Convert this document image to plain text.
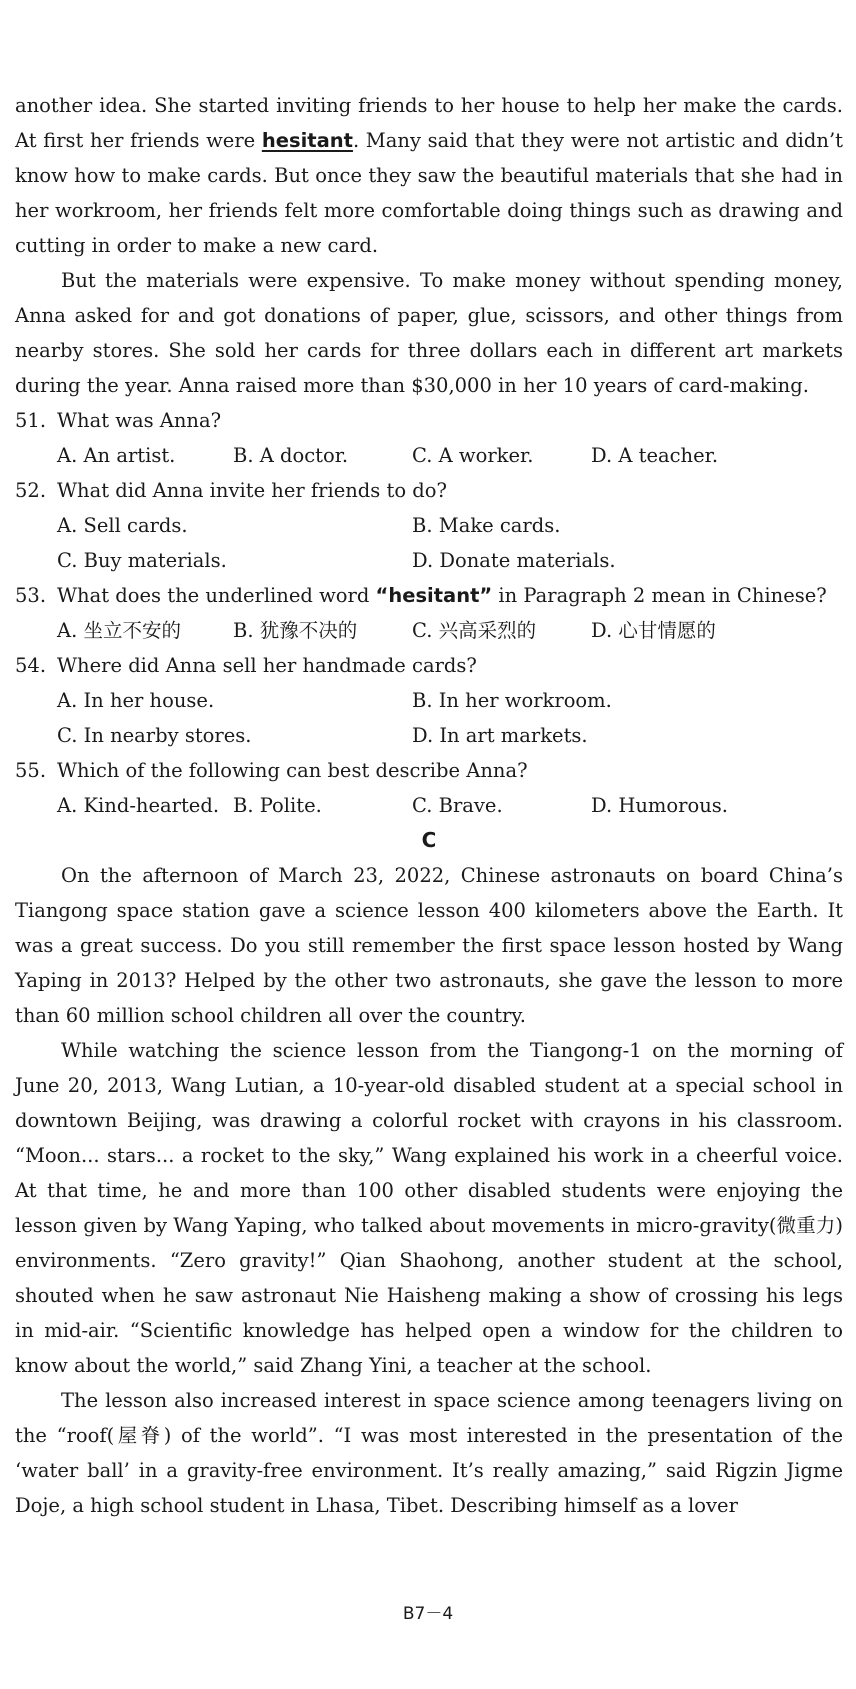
another idea. She started inviting friends to her house to help her make the cards. At first her friends were hesitant. Many said that they were not artistic and didn’t know how to make cards. But once they saw the beautiful materials that she had in her workroom, her friends felt more comfortable doing things such as drawing and cutting in order to make a new card.

But the materials were expensive. To make money without spending money, Anna asked for and got donations of paper, glue, scissors, and other things from nearby stores. She sold her cards for three dollars each in different art markets during the year. Anna raised more than $30,000 in her 10 years of card-making.

51. What was Anna?
A. An artist.	B. A doctor.	C. A worker.	D. A teacher.
52. What did Anna invite her friends to do?
A. Sell cards.	B. Make cards.
C. Buy materials.	D. Donate materials.
53. What does the underlined word “hesitant” in Paragraph 2 mean in Chinese?
A. 坐立不安的	B. 犹豫不决的	C. 兴高采烈的	D. 心甘情愿的
54. Where did Anna sell her handmade cards?
A. In her house.	B. In her workroom.
C. In nearby stores.	D. In art markets.
55. Which of the following can best describe Anna?
A. Kind-hearted. B. Polite.	C. Brave.	D. Humorous.
C

On the afternoon of March 23, 2022, Chinese astronauts on board China’s Tiangong space station gave a science lesson 400 kilometers above the Earth. It was a great success. Do you still remember the first space lesson hosted by Wang Yaping in 2013? Helped by the other two astronauts, she gave the lesson to more than 60 million school children all over the country.

While watching the science lesson from the Tiangong-1 on the morning of June 20, 2013, Wang Lutian, a 10-year-old disabled student at a special school in downtown Beijing, was drawing a colorful rocket with crayons in his classroom. “Moon... stars... a rocket to the sky,” Wang explained his work in a cheerful voice. At that time, he and more than 100 other disabled students were enjoying the lesson given by Wang Yaping, who talked about movements in micro-gravity(微重力) environments. “Zero gravity!” Qian Shaohong, another student at the school, shouted when he saw astronaut Nie Haisheng making a show of crossing his legs in mid-air. “Scientific knowledge has helped open a window for the children to know about the world,” said Zhang Yini, a teacher at the school.

The lesson also increased interest in space science among teenagers living on the “roof(屋脊) of the world”. “I was most interested in the presentation of the ‘water ball’ in a gravity-free environment. It’s really amazing,” said Rigzin Jigme Doje, a high school student in Lhasa, Tibet. Describing himself as a lover

B7－4
